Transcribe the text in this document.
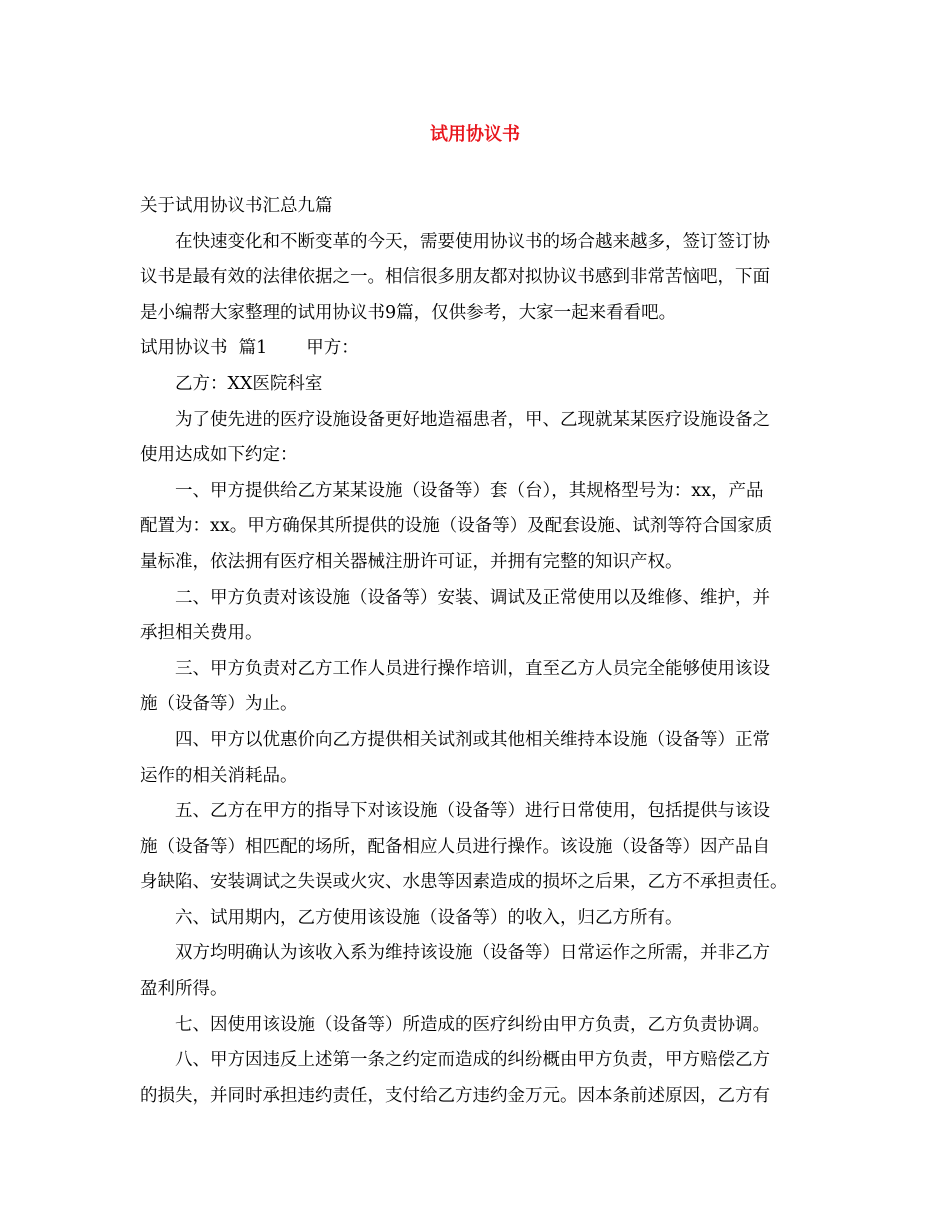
试用协议书
关于试用协议书汇总九篇
在快速变化和不断变革的今天，需要使用协议书的场合越来越多，签订签订协
议书是最有效的法律依据之一。相信很多朋友都对拟协议书感到非常苦恼吧，下面
是小编帮大家整理的试用协议书9篇，仅供参考，大家一起来看看吧。
试用协议书  篇1       甲方：
乙方：XX医院科室
为了使先进的医疗设施设备更好地造福患者，甲、乙现就某某医疗设施设备之
使用达成如下约定：
一、甲方提供给乙方某某设施（设备等）套（台），其规格型号为：xx，产品
配置为：xx。甲方确保其所提供的设施（设备等）及配套设施、试剂等符合国家质
量标准，依法拥有医疗相关器械注册许可证，并拥有完整的知识产权。
二、甲方负责对该设施（设备等）安装、调试及正常使用以及维修、维护，并
承担相关费用。
三、甲方负责对乙方工作人员进行操作培训，直至乙方人员完全能够使用该设
施（设备等）为止。
四、甲方以优惠价向乙方提供相关试剂或其他相关维持本设施（设备等）正常
运作的相关消耗品。
五、乙方在甲方的指导下对该设施（设备等）进行日常使用，包括提供与该设
施（设备等）相匹配的场所，配备相应人员进行操作。该设施（设备等）因产品自
身缺陷、安装调试之失误或火灾、水患等因素造成的损坏之后果，乙方不承担责任。
六、试用期内，乙方使用该设施（设备等）的收入，归乙方所有。
双方均明确认为该收入系为维持该设施（设备等）日常运作之所需，并非乙方
盈利所得。
七、因使用该设施（设备等）所造成的医疗纠纷由甲方负责，乙方负责协调。
八、甲方因违反上述第一条之约定而造成的纠纷概由甲方负责，甲方赔偿乙方
的损失，并同时承担违约责任，支付给乙方违约金万元。因本条前述原因，乙方有
